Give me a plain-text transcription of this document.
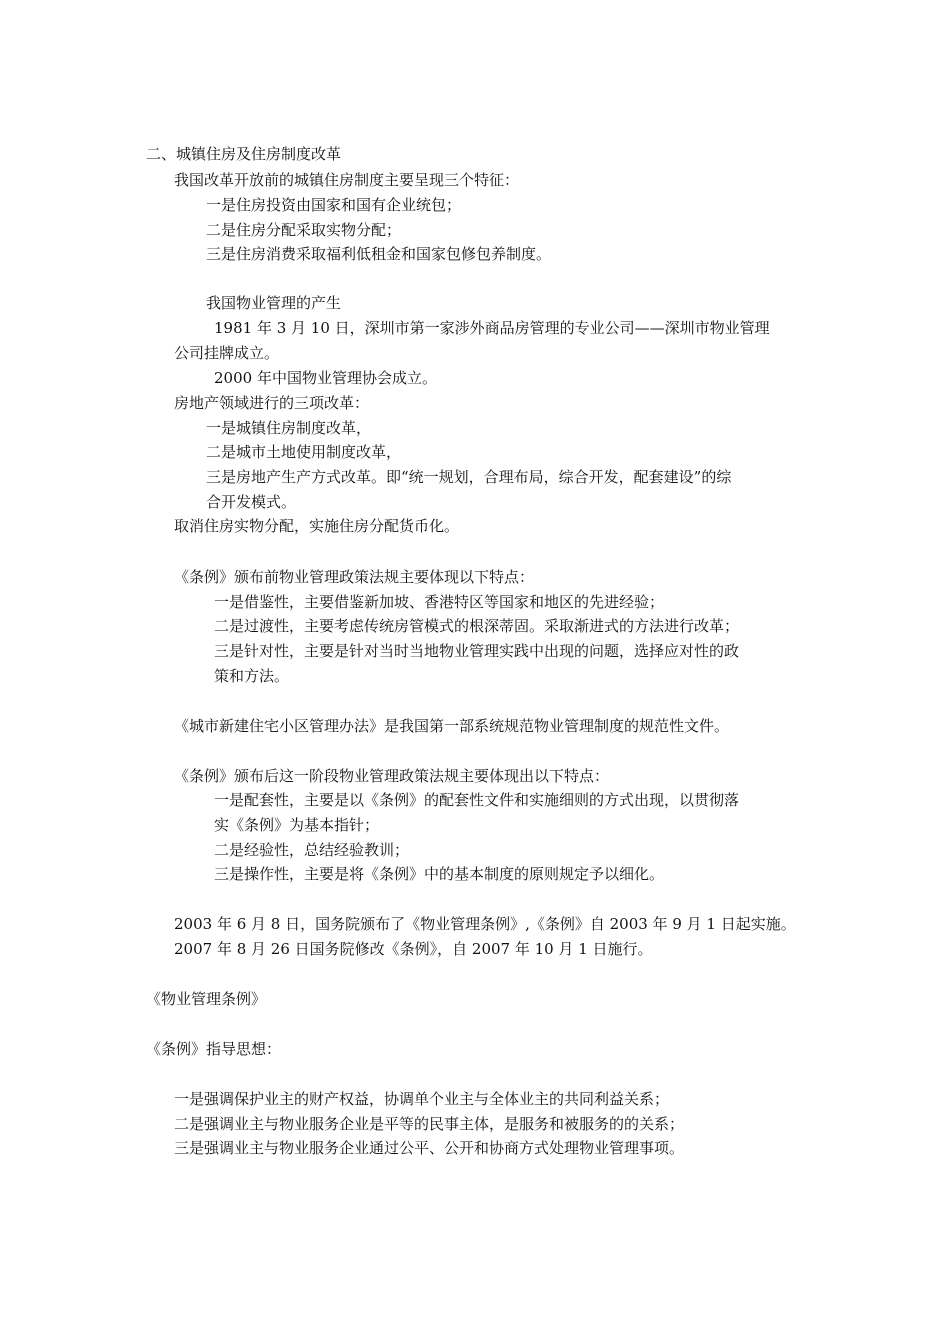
二、城镇住房及住房制度改革
我国改革开放前的城镇住房制度主要呈现三个特征：
一是住房投资由国家和国有企业统包；
二是住房分配采取实物分配；
三是住房消费采取福利低租金和国家包修包养制度。
我国物业管理的产生
1981 年 3 月 10 日，深圳市第一家涉外商品房管理的专业公司——深圳市物业管理
公司挂牌成立。
2000 年中国物业管理协会成立。
房地产领域进行的三项改革：
一是城镇住房制度改革，
二是城市土地使用制度改革，
三是房地产生产方式改革。即“统一规划，合理布局，综合开发，配套建设”的综
合开发模式。
取消住房实物分配，实施住房分配货币化。
《条例》颁布前物业管理政策法规主要体现以下特点：
一是借鉴性，主要借鉴新加坡、香港特区等国家和地区的先进经验；
二是过渡性，主要考虑传统房管模式的根深蒂固。采取渐进式的方法进行改革；
三是针对性，主要是针对当时当地物业管理实践中出现的问题，选择应对性的政
策和方法。
《城市新建住宅小区管理办法》是我国第一部系统规范物业管理制度的规范性文件。
《条例》颁布后这一阶段物业管理政策法规主要体现出以下特点：
一是配套性，主要是以《条例》的配套性文件和实施细则的方式出现，以贯彻落
实《条例》为基本指针；
二是经验性，总结经验教训；
三是操作性，主要是将《条例》中的基本制度的原则规定予以细化。
2003 年 6 月 8 日，国务院颁布了《物业管理条例》,《条例》自 2003 年 9 月 1 日起实施。
2007 年 8 月 26 日国务院修改《条例》，自 2007 年 10 月 1 日施行。
《物业管理条例》
《条例》指导思想：
一是强调保护业主的财产权益，协调单个业主与全体业主的共同利益关系；
二是强调业主与物业服务企业是平等的民事主体，是服务和被服务的的关系；
三是强调业主与物业服务企业通过公平、公开和协商方式处理物业管理事项。
